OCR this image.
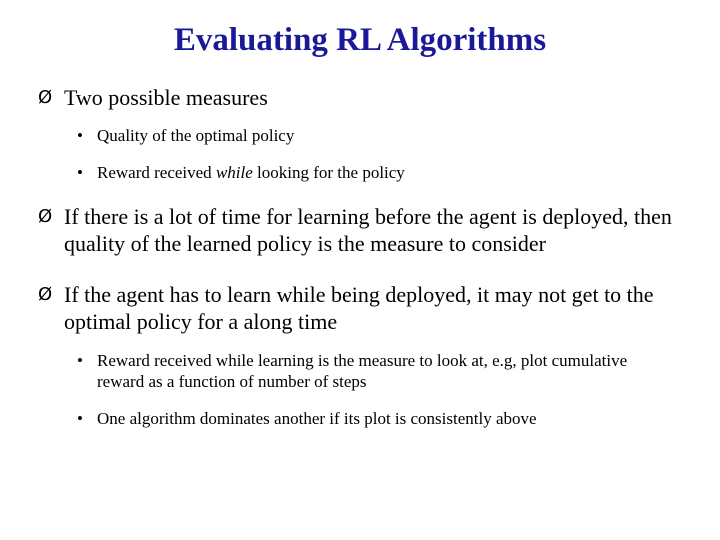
Evaluating RL Algorithms
Ø Two possible measures
• Quality of the optimal policy
• Reward received while looking for the policy
Ø If there is a lot of time for learning before the agent is deployed, then quality of the learned policy is the measure to consider
Ø If the agent has to learn while being deployed, it may not get to the optimal policy for a along time
• Reward received while learning is the measure to look at, e.g, plot cumulative reward as a function of number of steps
• One algorithm dominates another if its plot is consistently above
